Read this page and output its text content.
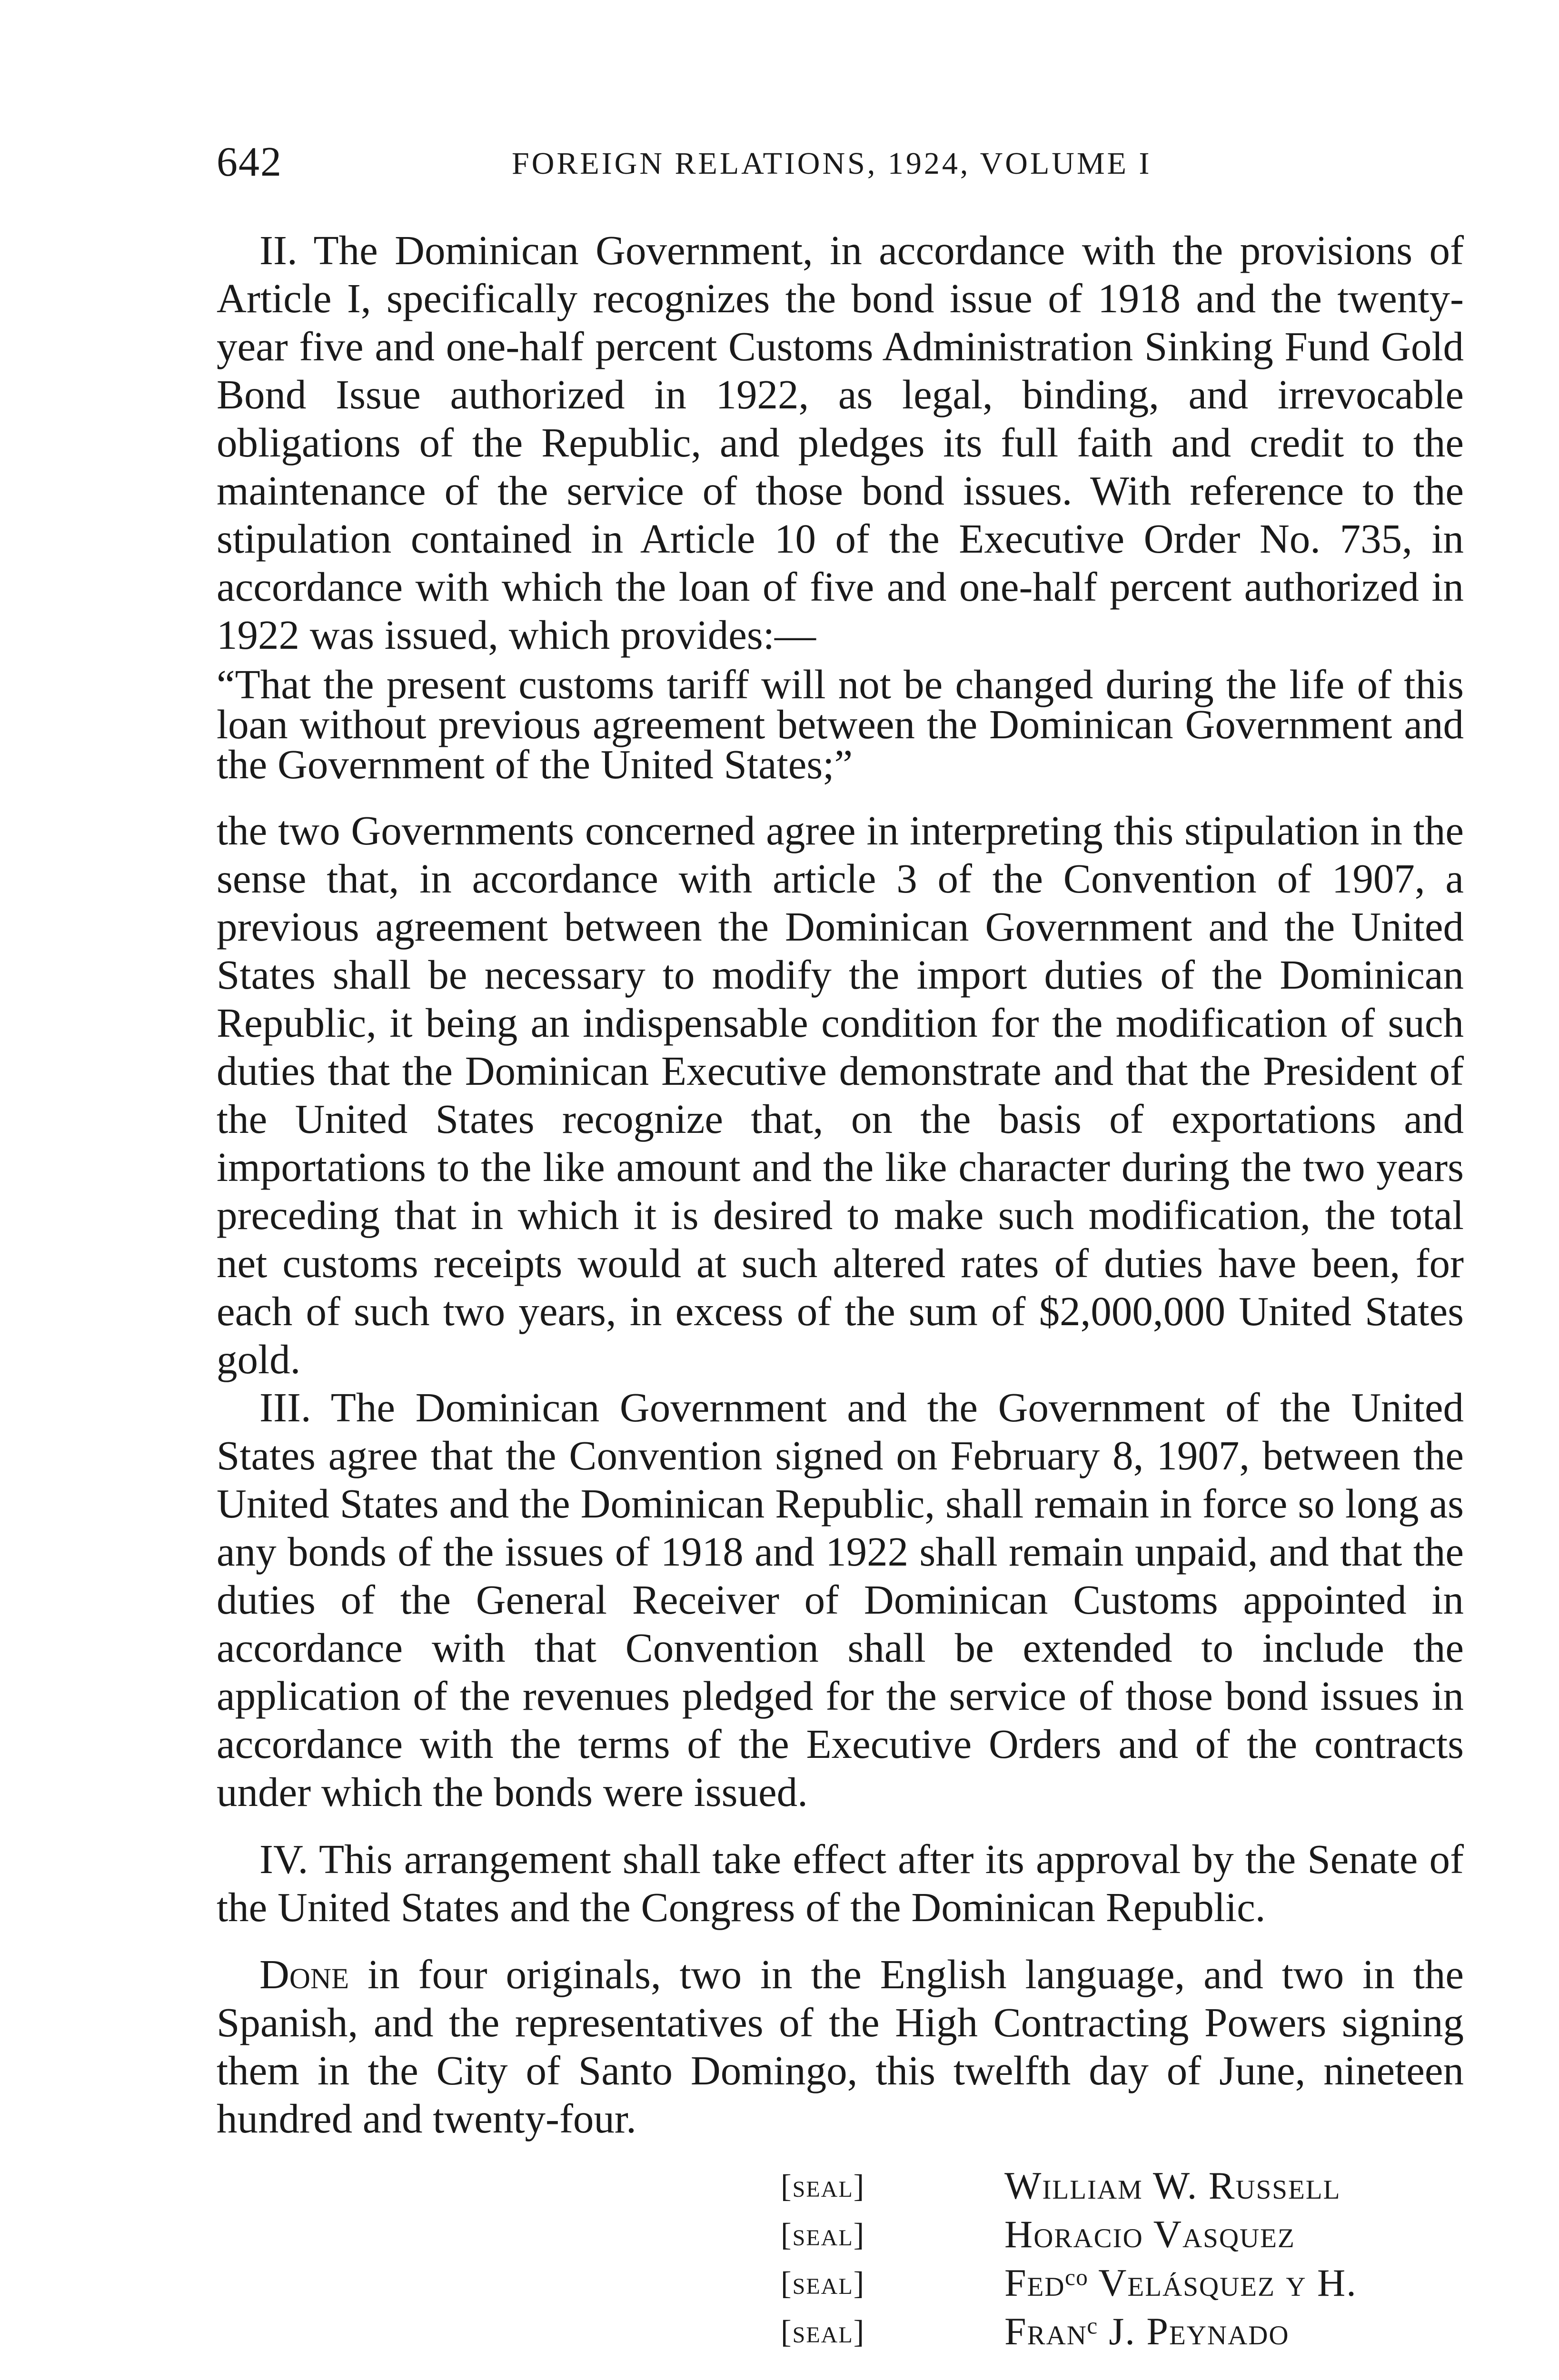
642	FOREIGN RELATIONS, 1924, VOLUME I

II. The Dominican Government, in accordance with the provisions of Article I, specifically recognizes the bond issue of 1918 and the twenty-year five and one-half percent Customs Administration Sinking Fund Gold Bond Issue authorized in 1922, as legal, binding, and irrevocable obligations of the Republic, and pledges its full faith and credit to the maintenance of the service of those bond issues. With reference to the stipulation contained in Article 10 of the Executive Order No. 735, in accordance with which the loan of five and one-half percent authorized in 1922 was issued, which provides:—

“That the present customs tariff will not be changed during the life of this loan without previous agreement between the Dominican Government and the Government of the United States;”

the two Governments concerned agree in interpreting this stipulation in the sense that, in accordance with article 3 of the Convention of 1907, a previous agreement between the Dominican Government and the United States shall be necessary to modify the import duties of the Dominican Republic, it being an indispensable condition for the modification of such duties that the Dominican Executive demonstrate and that the President of the United States recognize that, on the basis of exportations and importations to the like amount and the like character during the two years preceding that in which it is desired to make such modification, the total net customs receipts would at such altered rates of duties have been, for each of such two years, in excess of the sum of $2,000,000 United States gold.

III. The Dominican Government and the Government of the United States agree that the Convention signed on February 8, 1907, between the United States and the Dominican Republic, shall remain in force so long as any bonds of the issues of 1918 and 1922 shall remain unpaid, and that the duties of the General Receiver of Dominican Customs appointed in accordance with that Convention shall be extended to include the application of the revenues pledged for the service of those bond issues in accordance with the terms of the Executive Orders and of the contracts under which the bonds were issued.

IV. This arrangement shall take effect after its approval by the Senate of the United States and the Congress of the Dominican Republic.

Done in four originals, two in the English language, and two in the Spanish, and the representatives of the High Contracting Powers signing them in the City of Santo Domingo, this twelfth day of June, nineteen hundred and twenty-four.

[seal]	William W. Russell
[seal]	Horacio Vasquez
[seal]	Fedᶜᵒ Velásquez y H.
[seal]	Franᶜ J. Peynado
